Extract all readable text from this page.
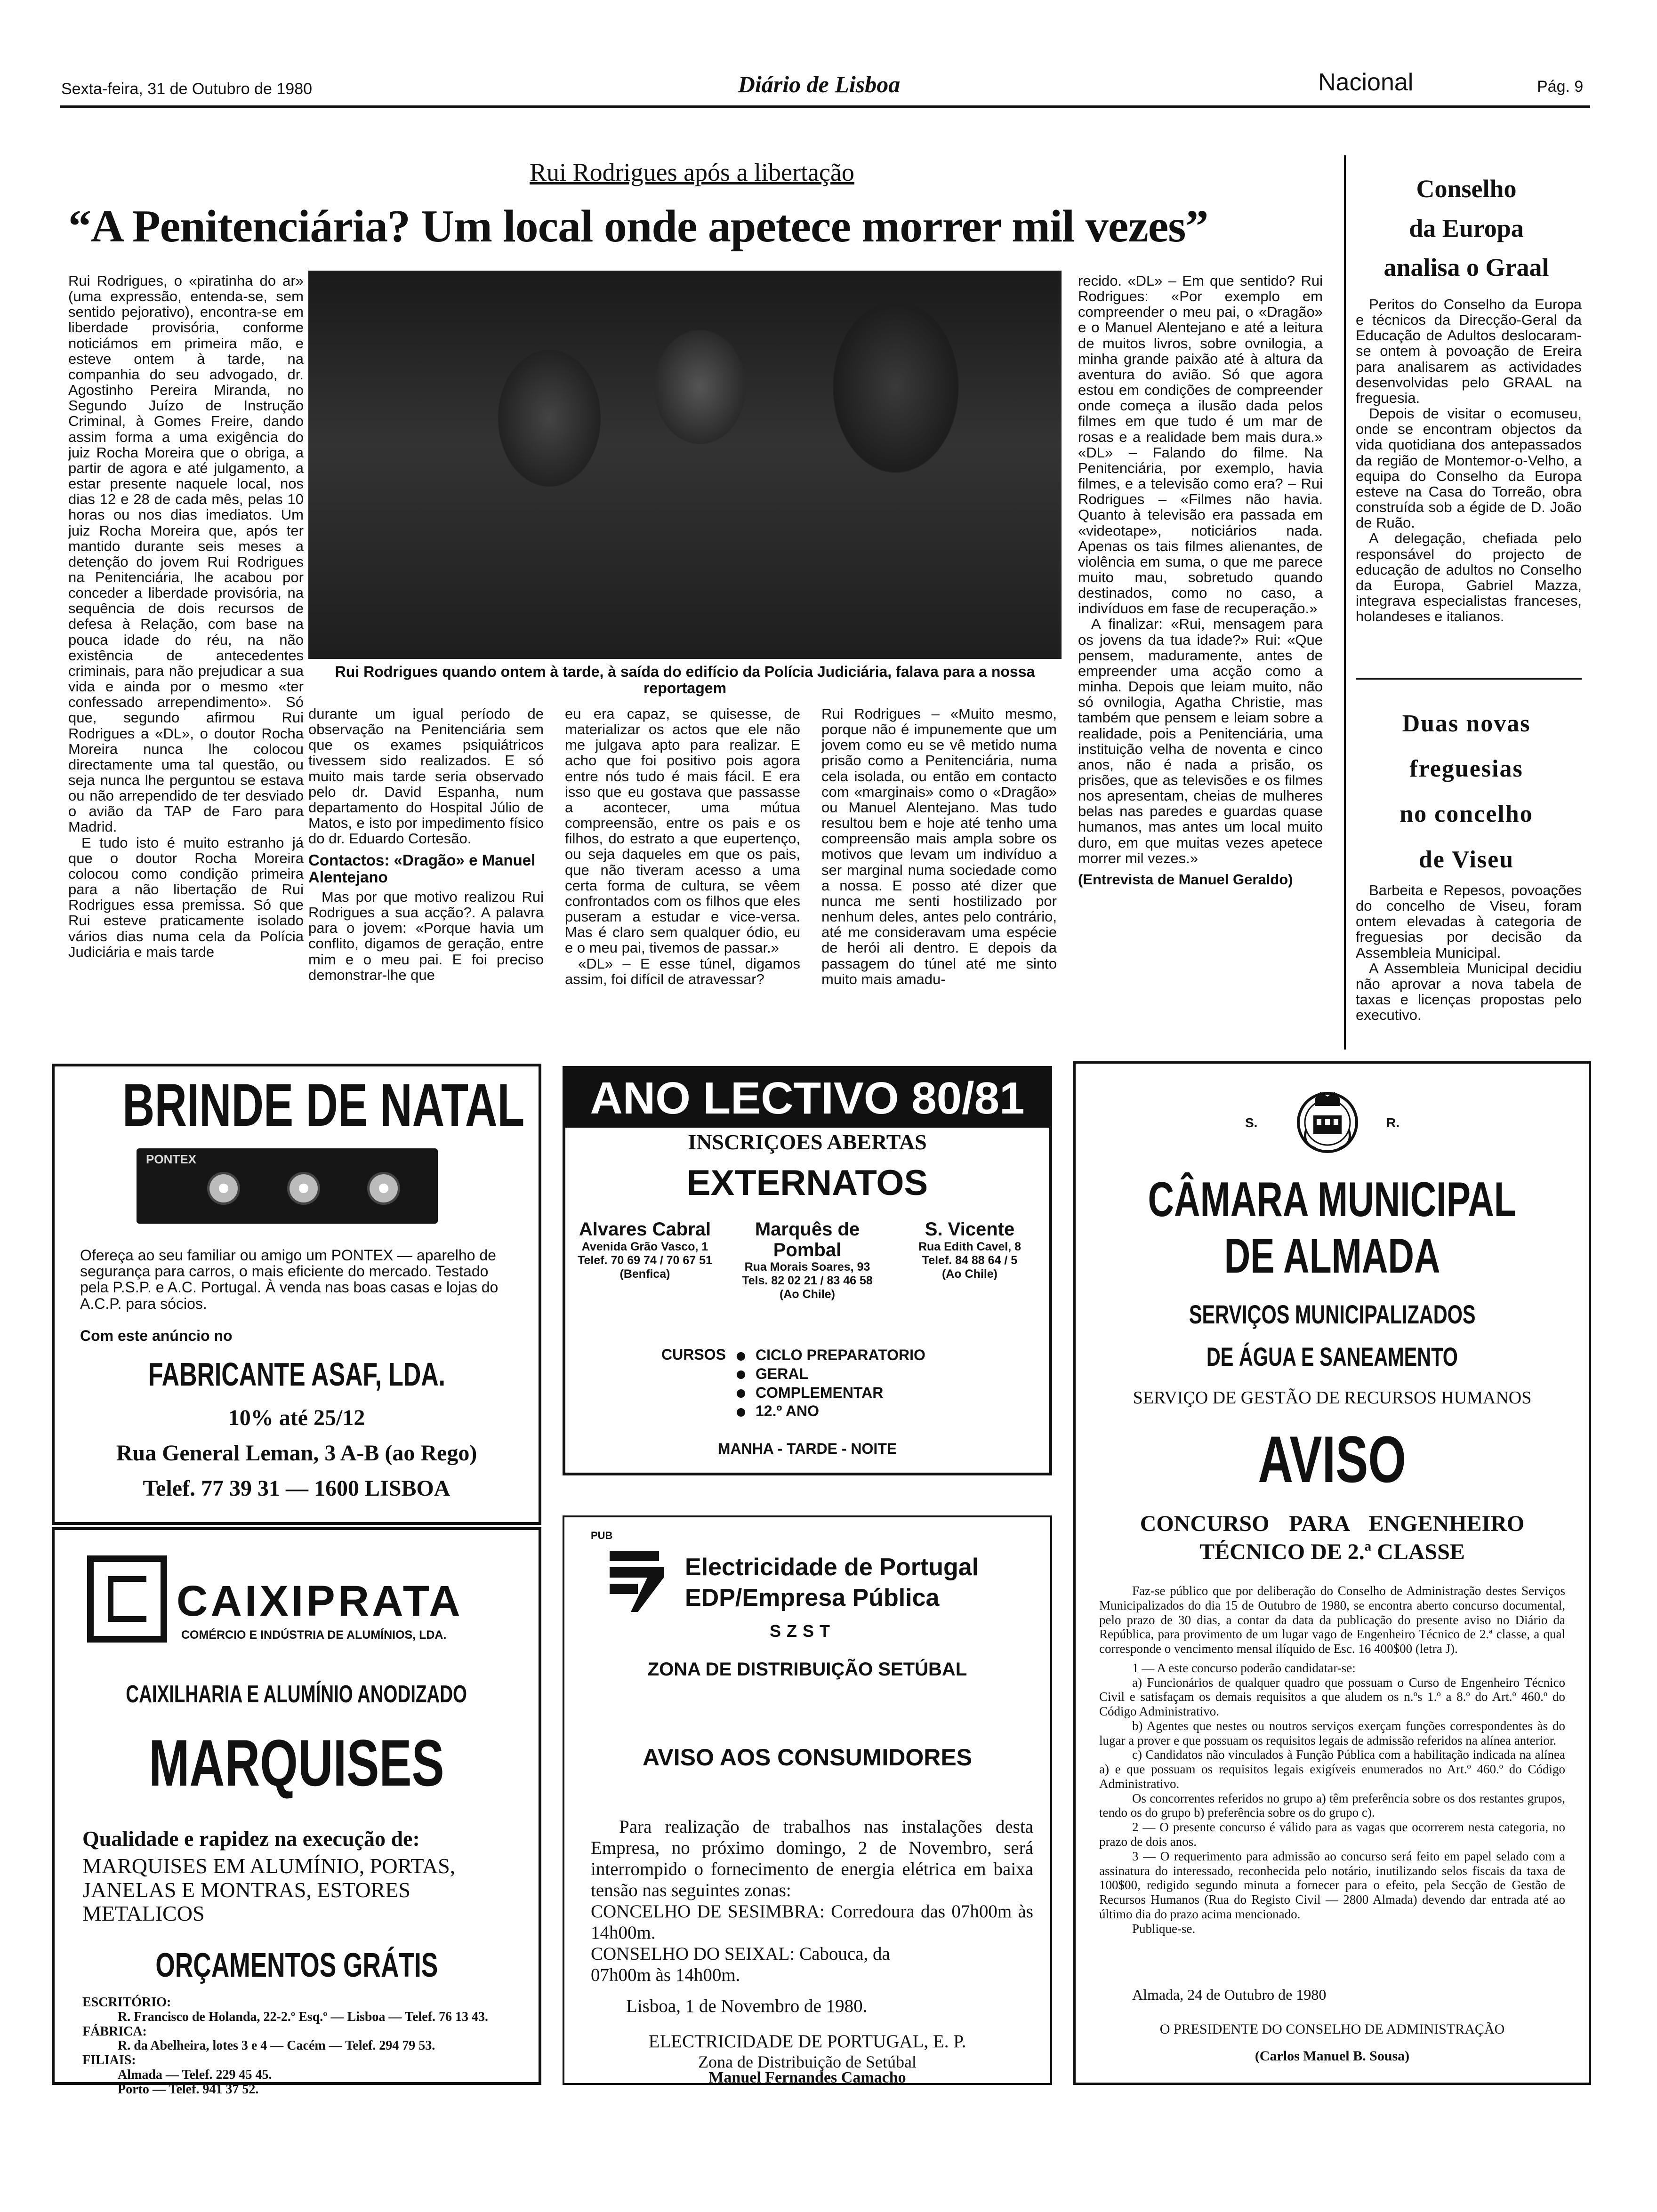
Sexta-feira, 31 de Outubro de 1980	Diário de Lisboa	Nacional	Pág. 9
Rui Rodrigues após a libertação
“A Penitenciária? Um local onde apetece morrer mil vezes”

Rui Rodrigues, o «piratinha do ar» (uma expressão, entenda-se, sem sentido pejorativo), encontra-se em liberdade provisória, conforme noticiámos em primeira mão, e esteve ontem à tarde, na companhia do seu advogado, dr. Agostinho Pereira Miranda, no Segundo Juízo de Instrução Criminal, à Gomes Freire, dando assim forma a uma exigência do juiz Rocha Moreira que o obriga, a partir de agora e até julgamento, a estar presente naquele local, nos dias 12 e 28 de cada mês, pelas 10 horas ou nos dias imediatos. Um juiz Rocha Moreira que, após ter mantido durante seis meses a detenção do jovem Rui Rodrigues na Penitenciária, lhe acabou por conceder a liberdade provisória, na sequência de dois recursos de defesa à Relação, com base na pouca idade do réu, na não existência de antecedentes criminais, para não prejudicar a sua vida e ainda por o mesmo «ter confessado arrependimento». Só que, segundo afirmou Rui Rodrigues a «DL», o doutor Rocha Moreira nunca lhe colocou directamente uma tal questão, ou seja nunca lhe perguntou se estava ou não arrependido de ter desviado o avião da TAP de Faro para Madrid.

E tudo isto é muito estranho já que o doutor Rocha Moreira colocou como condição primeira para a não libertação de Rui Rodrigues essa premissa. Só que Rui esteve praticamente isolado vários dias numa cela da Polícia Judiciária e mais tarde

Rui Rodrigues quando ontem à tarde, à saída do edifício da Polícia Judiciária, falava para a nossa reportagem

durante um igual período de observação na Penitenciária sem que os exames psiquiátricos tivessem sido realizados. E só muito mais tarde seria observado pelo dr. David Espanha, num departamento do Hospital Júlio de Matos, e isto por impedimento físico do dr. Eduardo Cortesão.

Contactos: «Dragão» e Manuel Alentejano

Mas por que motivo realizou Rui Rodrigues a sua acção?. A palavra para o jovem: «Porque havia um conflito, digamos de geração, entre mim e o meu pai. E foi preciso demonstrar-lhe que

eu era capaz, se quisesse, de materializar os actos que ele não me julgava apto para realizar. E acho que foi positivo pois agora entre nós tudo é mais fácil. E era isso que eu gostava que passasse a acontecer, uma mútua compreensão, entre os pais e os filhos, do estrato a que eupertenço, ou seja daqueles em que os pais, que não tiveram acesso a uma certa forma de cultura, se vêem confrontados com os filhos que eles puseram a estudar e vice-versa. Mas é claro sem qualquer ódio, eu e o meu pai, tivemos de passar.»

«DL» – E esse túnel, digamos assim, foi difícil de atravessar?

Rui Rodrigues – «Muito mesmo, porque não é impunemente que um jovem como eu se vê metido numa prisão como a Penitenciária, numa cela isolada, ou então em contacto com «marginais» como o «Dragão» ou Manuel Alentejano. Mas tudo resultou bem e hoje até tenho uma compreensão mais ampla sobre os motivos que levam um indivíduo a ser marginal numa sociedade como a nossa. E posso até dizer que nunca me senti hostilizado por nenhum deles, antes pelo contrário, até me consideravam uma espécie de herói ali dentro. E depois da passagem do túnel até me sinto muito mais amadu-

recido. «DL» – Em que sentido? Rui Rodrigues: «Por exemplo em compreender o meu pai, o «Dragão» e o Manuel Alentejano e até a leitura de muitos livros, sobre ovnilogia, a minha grande paixão até à altura da aventura do avião. Só que agora estou em condições de compreender onde começa a ilusão dada pelos filmes em que tudo é um mar de rosas e a realidade bem mais dura.» «DL» – Falando do filme. Na Penitenciária, por exemplo, havia filmes, e a televisão como era? – Rui Rodrigues – «Filmes não havia. Quanto à televisão era passada em «videotape», noticiários nada. Apenas os tais filmes alienantes, de violência em suma, o que me parece muito mau, sobretudo quando destinados, como no caso, a indivíduos em fase de recuperação.»

A finalizar: «Rui, mensagem para os jovens da tua idade?» Rui: «Que pensem, maduramente, antes de empreender uma acção como a minha. Depois que leiam muito, não só ovnilogia, Agatha Christie, mas também que pensem e leiam sobre a realidade, pois a Penitenciária, uma instituição velha de noventa e cinco anos, não é nada a prisão, os prisões, que as televisões e os filmes nos apresentam, cheias de mulheres belas nas paredes e guardas quase humanos, mas antes um local muito duro, em que muitas vezes apetece morrer mil vezes.»

(Entrevista de Manuel Geraldo)

Conselho
da Europa
analisa o Graal

Peritos do Conselho da Europa e técnicos da Direcção-Geral da Educação de Adultos deslocaram-se ontem à povoação de Ereira para analisarem as actividades desenvolvidas pelo GRAAL na freguesia.

Depois de visitar o ecomuseu, onde se encontram objectos da vida quotidiana dos antepassados da região de Montemor-o-Velho, a equipa do Conselho da Europa esteve na Casa do Torreão, obra construída sob a égide de D. João de Ruão.

A delegação, chefiada pelo responsável do projecto de educação de adultos no Conselho da Europa, Gabriel Mazza, integrava especialistas franceses, holandeses e italianos.

Duas novas
freguesias
no concelho
de Viseu

Barbeita e Repesos, povoações do concelho de Viseu, foram ontem elevadas à categoria de freguesias por decisão da Assembleia Municipal.

A Assembleia Municipal decidiu não aprovar a nova tabela de taxas e licenças propostas pelo executivo.

BRINDE DE NATAL
PONTEX

Ofereça ao seu familiar ou amigo um PONTEX — aparelho de segurança para carros, o mais eficiente do mercado. Testado pela P.S.P. e A.C. Portugal. À venda nas boas casas e lojas do A.C.P. para sócios.

Com este anúncio no
FABRICANTE ASAF, LDA.
10% até 25/12
Rua General Leman, 3 A-B (ao Rego)
Telef. 77 39 31 — 1600 LISBOA
ANO LECTIVO 80/81
INSCRIÇOES ABERTAS
EXTERNATOS
Alvares Cabral
Avenida Grão Vasco, 1
Telef. 70 69 74 / 70 67 51
(Benfica)
Marquês de Pombal
Rua Morais Soares, 93
Tels. 82 02 21 / 83 46 58
(Ao Chile)
S. Vicente
Rua Edith Cavel, 8
Telef. 84 88 64 / 5
(Ao Chile)
CURSOS	CICLO PREPARATORIO
GERAL
COMPLEMENTAR
12.º ANO
MANHA - TARDE - NOITE
S.	R.
CÂMARA MUNICIPAL
DE ALMADA
SERVIÇOS MUNICIPALIZADOS
DE ÁGUA E SANEAMENTO
SERVIÇO DE GESTÃO DE RECURSOS HUMANOS
AVISO
CONCURSO PARA ENGENHEIRO
TÉCNICO DE 2.ª CLASSE

Faz-se público que por deliberação do Conselho de Administração destes Serviços Municipalizados do dia 15 de Outubro de 1980, se encontra aberto concurso documental, pelo prazo de 30 dias, a contar da data da publicação do presente aviso no Diário da República, para provimento de um lugar vago de Engenheiro Técnico de 2.ª classe, a qual corresponde o vencimento mensal ilíquido de Esc. 16 400$00 (letra J).

1 — A este concurso poderão candidatar-se:

a) Funcionários de qualquer quadro que possuam o Curso de Engenheiro Técnico Civil e satisfaçam os demais requisitos a que aludem os n.ºs 1.º a 8.º do Art.º 460.º do Código Administrativo.

b) Agentes que nestes ou noutros serviços exerçam funções correspondentes às do lugar a prover e que possuam os requisitos legais de admissão referidos na alínea anterior.

c) Candidatos não vinculados à Função Pública com a habilitação indicada na alínea a) e que possuam os requisitos legais exigíveis enumerados no Art.º 460.º do Código Administrativo.

Os concorrentes referidos no grupo a) têm preferência sobre os dos restantes grupos, tendo os do grupo b) preferência sobre os do grupo c).

2 — O presente concurso é válido para as vagas que ocorrerem nesta categoria, no prazo de dois anos.

3 — O requerimento para admissão ao concurso será feito em papel selado com a assinatura do interessado, reconhecida pelo notário, inutilizando selos fiscais da taxa de 100$00, redigido segundo minuta a fornecer para o efeito, pela Secção de Gestão de Recursos Humanos (Rua do Registo Civil — 2800 Almada) devendo dar entrada até ao último dia do prazo acima mencionado.

Publique-se.

Almada, 24 de Outubro de 1980
O PRESIDENTE DO CONSELHO DE ADMINISTRAÇÃO
(Carlos Manuel B. Sousa)
CAIXIPRATA
COMÉRCIO E INDÚSTRIA DE ALUMÍNIOS, LDA.
CAIXILHARIA E ALUMÍNIO ANODIZADO
MARQUISES
Qualidade e rapidez na execução de:
MARQUISES EM ALUMÍNIO, PORTAS, JANELAS E MONTRAS, ESTORES METALICOS
ORÇAMENTOS GRÁTIS
ESCRITÓRIO:
R. Francisco de Holanda, 22-2.º Esq.º — Lisboa — Telef. 76 13 43.
FÁBRICA:
R. da Abelheira, lotes 3 e 4 — Cacém — Telef. 294 79 53.
FILIAIS:
Almada — Telef. 229 45 45.
Porto — Telef. 941 37 52.
PUB
Electricidade de Portugal
EDP/Empresa Pública
SZST
ZONA DE DISTRIBUIÇÃO SETÚBAL
AVISO AOS CONSUMIDORES

Para realização de trabalhos nas instalações desta Empresa, no próximo domingo, 2 de Novembro, será interrompido o fornecimento de energia elétrica em baixa tensão nas seguintes zonas:

CONCELHO DE SESIMBRA: Corredoura das 07h00m às 14h00m.

CONSELHO DO SEIXAL: Cabouca, da 07h00m às 14h00m.

Lisboa, 1 de Novembro de 1980.
ELECTRICIDADE DE PORTUGAL, E. P.
Zona de Distribuição de Setúbal
Manuel Fernandes Camacho
